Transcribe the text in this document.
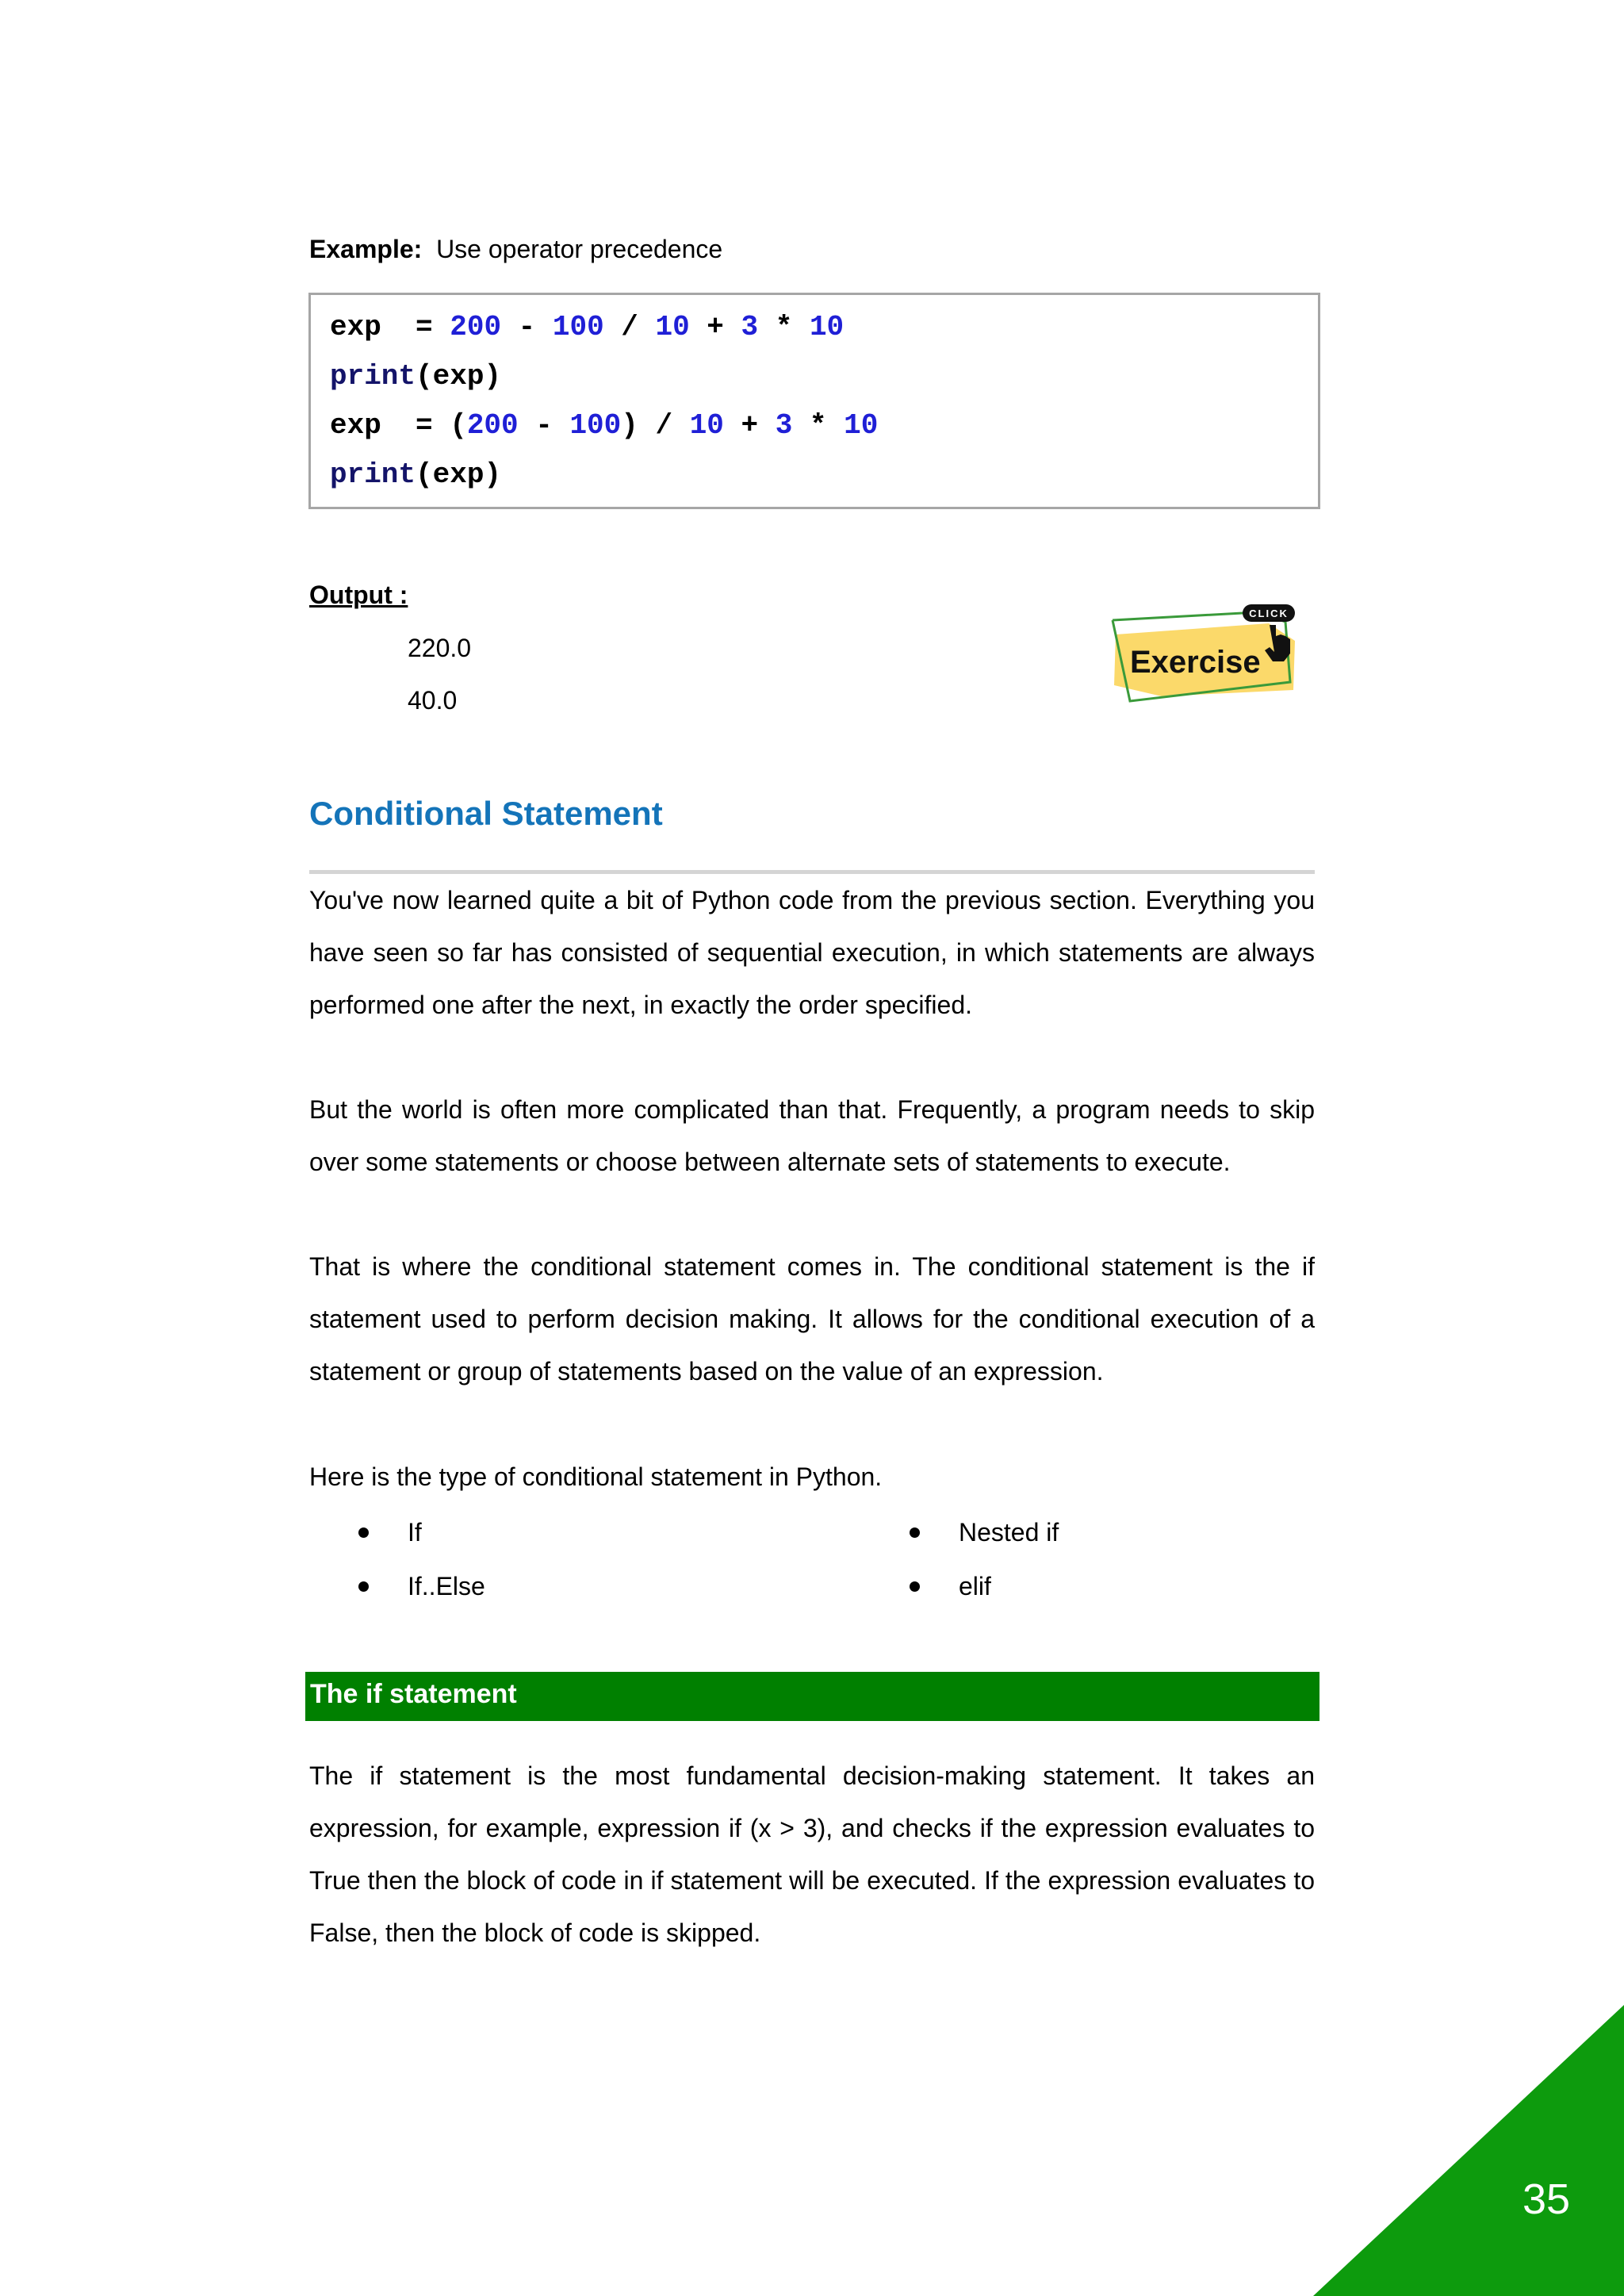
Example: Use operator precedence
exp  = 200 - 100 / 10 + 3 * 10
print(exp)
exp  = (200 - 100) / 10 + 3 * 10
print(exp)
Output :
220.0
40.0
CLICK
Exercise
Conditional Statement
You've now learned quite a bit of Python code from the previous section. Everything you have seen so far has consisted of sequential execution, in which statements are always performed one after the next, in exactly the order specified.
But the world is often more complicated than that. Frequently, a program needs to skip over some statements or choose between alternate sets of statements to execute.
That is where the conditional statement comes in. The conditional statement is the if statement used to perform decision making. It allows for the conditional execution of a statement or group of statements based on the value of an expression.
Here is the type of conditional statement in Python.
If
If..Else
Nested if
elif
The if statement
The if statement is the most fundamental decision-making statement. It takes an expression, for example, expression if (x > 3), and checks if the expression evaluates to True then the block of code in if statement will be executed. If the expression evaluates to False, then the block of code is skipped.
35
